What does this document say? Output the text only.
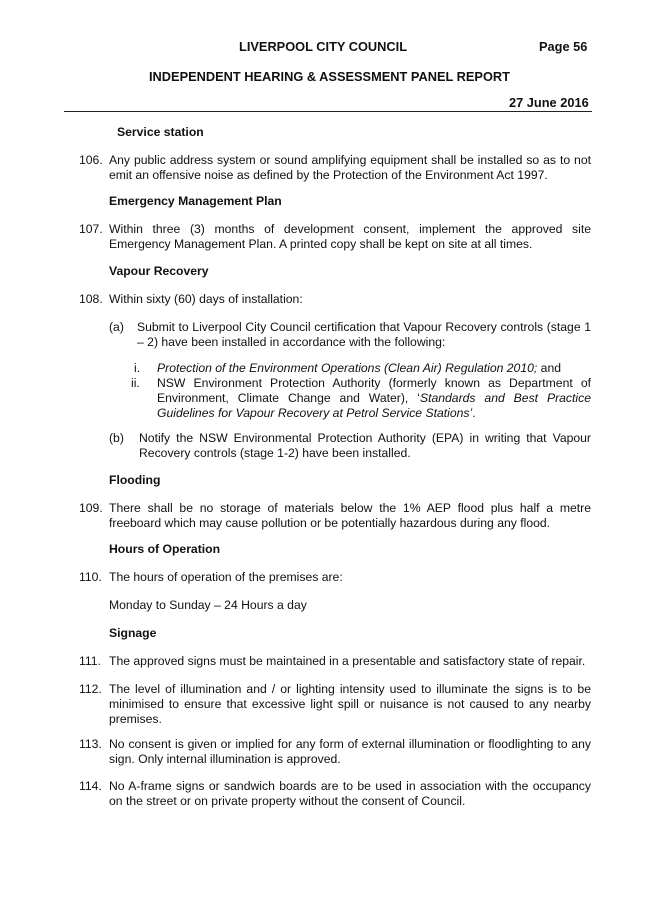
LIVERPOOL CITY COUNCIL	Page 56
INDEPENDENT HEARING & ASSESSMENT PANEL REPORT
27 June 2016
Service station
106. Any public address system or sound amplifying equipment shall be installed so as to not emit an offensive noise as defined by the Protection of the Environment Act 1997.
Emergency Management Plan
107. Within three (3) months of development consent, implement the approved site Emergency Management Plan. A printed copy shall be kept on site at all times.
Vapour Recovery
108. Within sixty (60) days of installation:
(a) Submit to Liverpool City Council certification that Vapour Recovery controls (stage 1 – 2) have been installed in accordance with the following:
i. Protection of the Environment Operations (Clean Air) Regulation 2010; and
ii. NSW Environment Protection Authority (formerly known as Department of Environment, Climate Change and Water), ‘Standards and Best Practice Guidelines for Vapour Recovery at Petrol Service Stations’.
(b) Notify the NSW Environmental Protection Authority (EPA) in writing that Vapour Recovery controls (stage 1-2) have been installed.
Flooding
109. There shall be no storage of materials below the 1% AEP flood plus half a metre freeboard which may cause pollution or be potentially hazardous during any flood.
Hours of Operation
110. The hours of operation of the premises are:
Monday to Sunday – 24 Hours a day
Signage
111. The approved signs must be maintained in a presentable and satisfactory state of repair.
112. The level of illumination and / or lighting intensity used to illuminate the signs is to be minimised to ensure that excessive light spill or nuisance is not caused to any nearby premises.
113. No consent is given or implied for any form of external illumination or floodlighting to any sign. Only internal illumination is approved.
114. No A-frame signs or sandwich boards are to be used in association with the occupancy on the street or on private property without the consent of Council.
